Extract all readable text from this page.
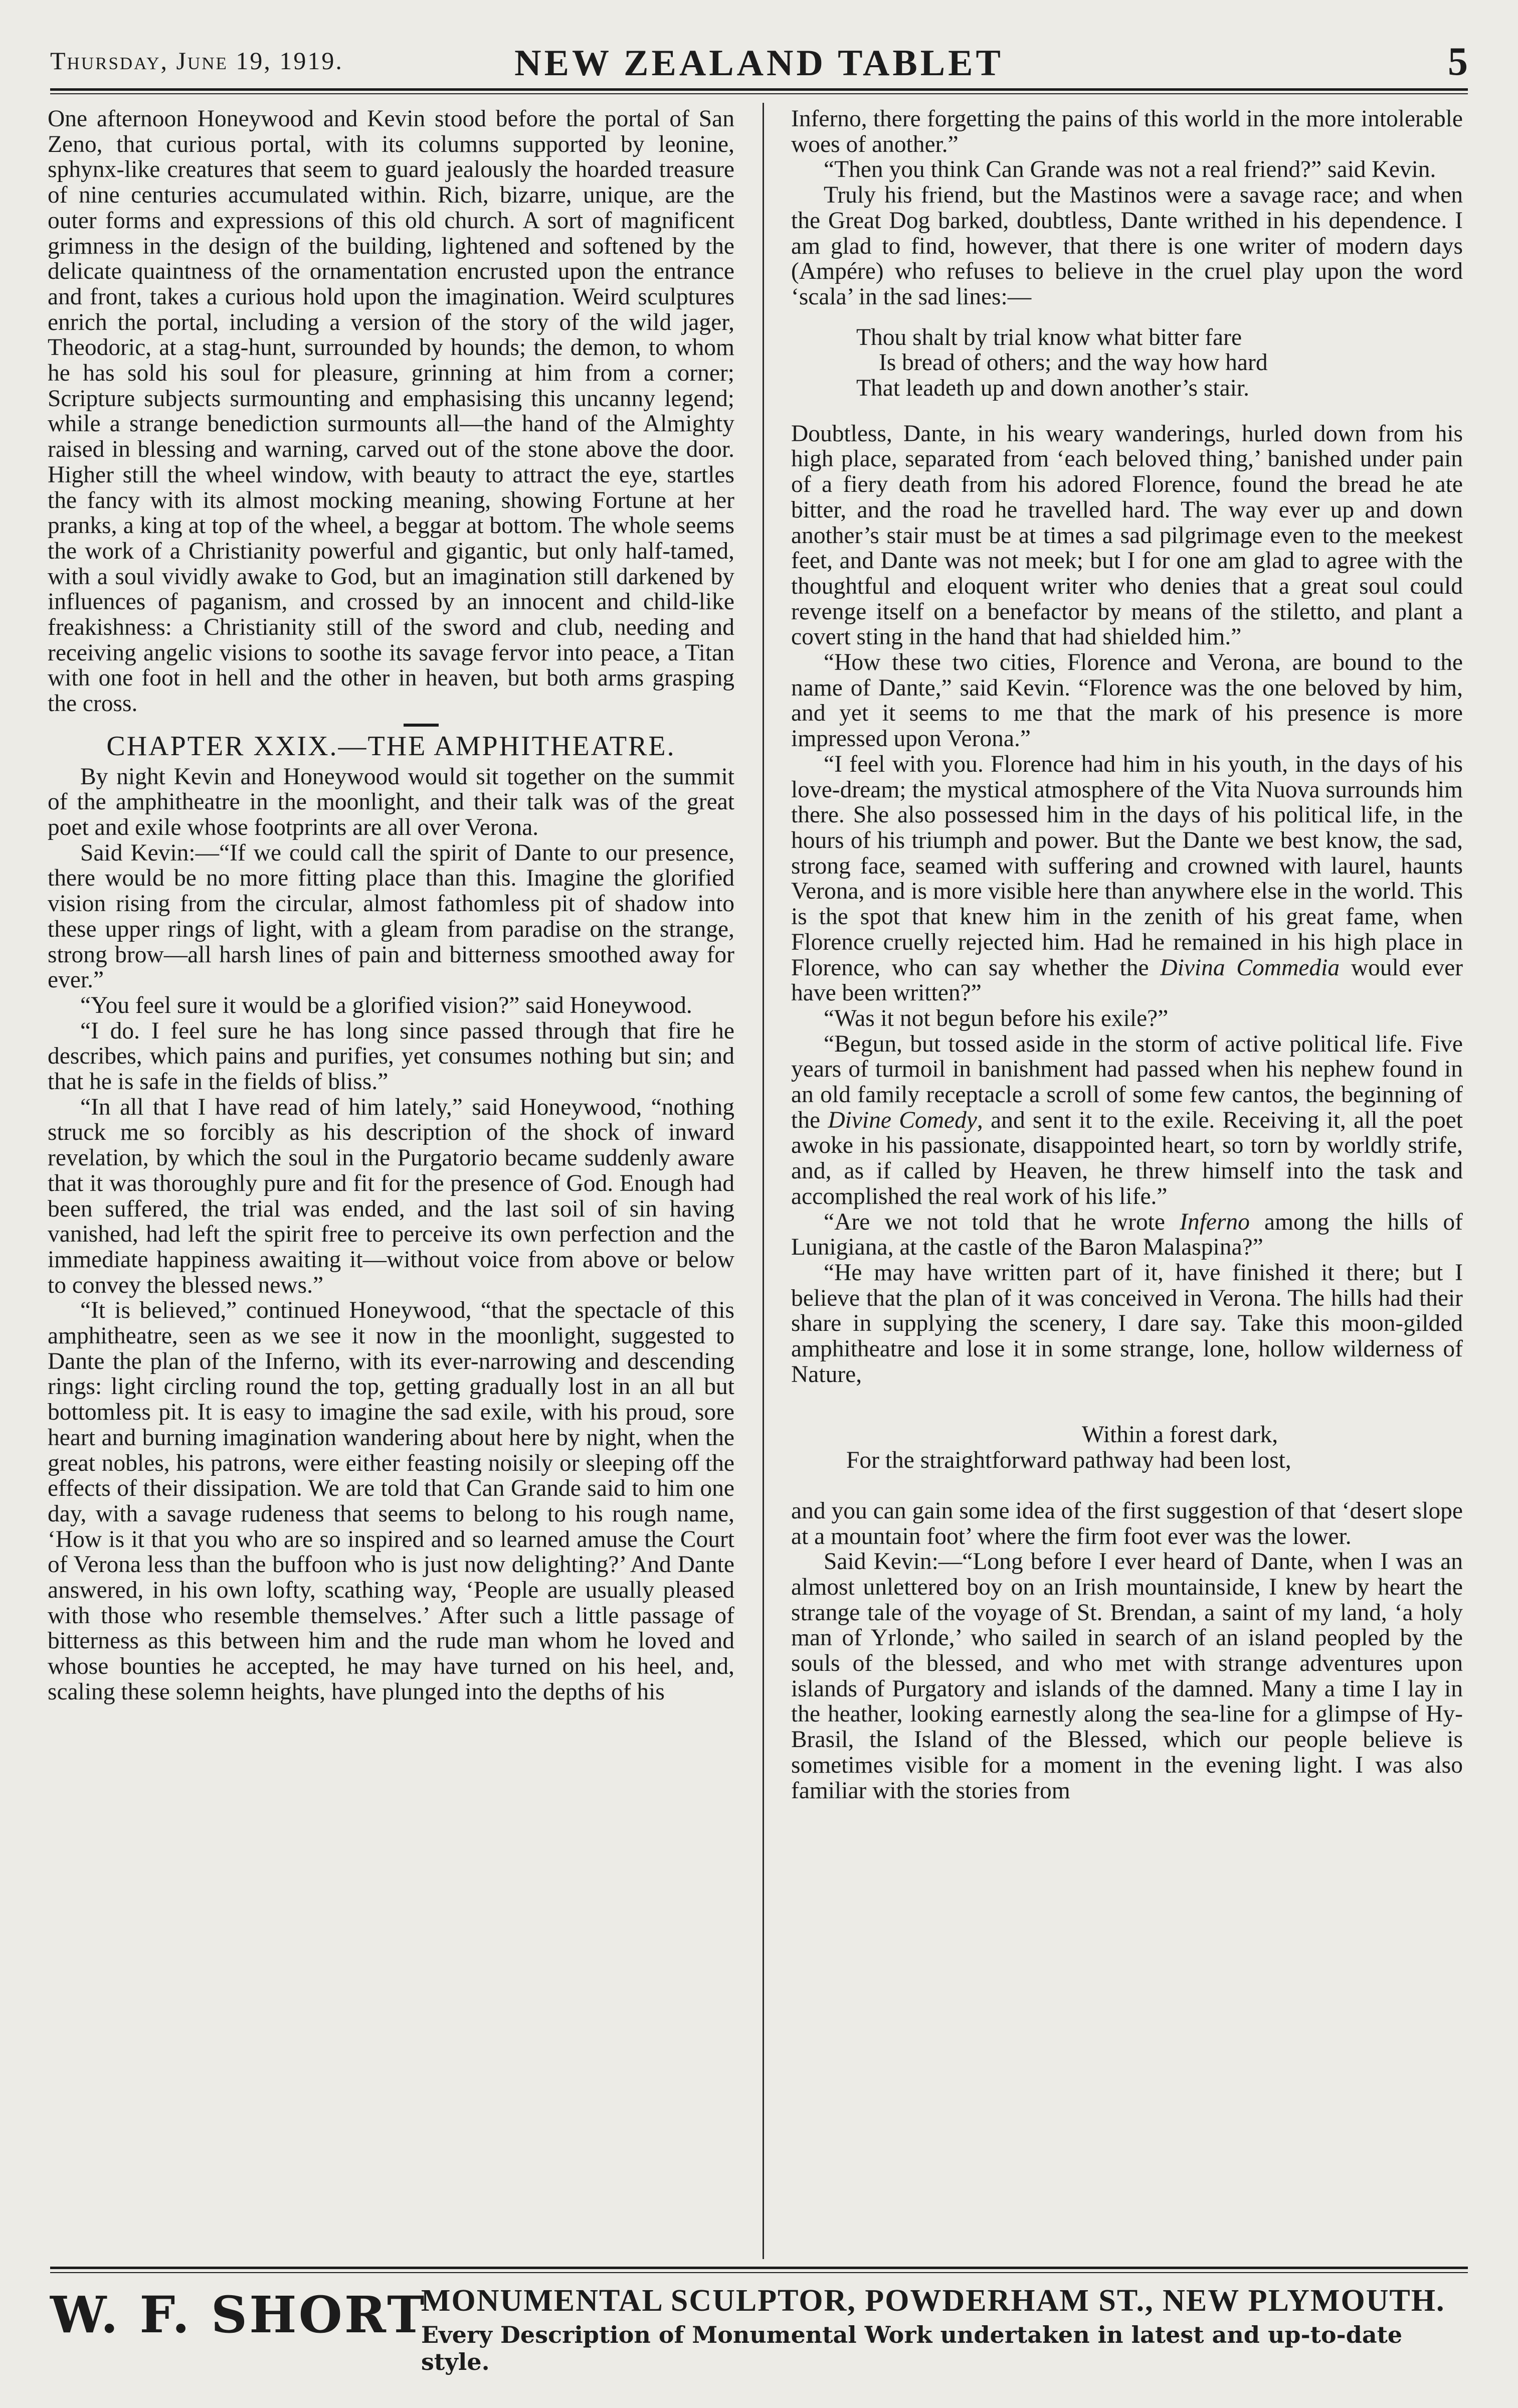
Thursday, June 19, 1919.	NEW ZEALAND TABLET	5

One afternoon Honeywood and Kevin stood before the portal of San Zeno, that curious portal, with its columns supported by leonine, sphynx-like creatures that seem to guard jealously the hoarded treasure of nine centuries accumulated within. Rich, bizarre, unique, are the outer forms and expressions of this old church. A sort of magnificent grimness in the design of the building, lightened and softened by the delicate quaintness of the ornamentation encrusted upon the entrance and front, takes a curious hold upon the imagination. Weird sculptures enrich the portal, including a version of the story of the wild jager, Theodoric, at a stag-hunt, surrounded by hounds; the demon, to whom he has sold his soul for pleasure, grinning at him from a corner; Scripture subjects surmounting and emphasising this uncanny legend; while a strange benediction surmounts all—the hand of the Almighty raised in blessing and warning, carved out of the stone above the door. Higher still the wheel window, with beauty to attract the eye, startles the fancy with its almost mocking meaning, showing Fortune at her pranks, a king at top of the wheel, a beggar at bottom. The whole seems the work of a Christianity powerful and gigantic, but only half-tamed, with a soul vividly awake to God, but an imagination still darkened by influences of paganism, and crossed by an innocent and child-like freakishness: a Christianity still of the sword and club, needing and receiving angelic visions to soothe its savage fervor into peace, a Titan with one foot in hell and the other in heaven, but both arms grasping the cross.

CHAPTER XXIX.—THE AMPHITHEATRE.

By night Kevin and Honeywood would sit together on the summit of the amphitheatre in the moonlight, and their talk was of the great poet and exile whose footprints are all over Verona.

Said Kevin:—“If we could call the spirit of Dante to our presence, there would be no more fitting place than this. Imagine the glorified vision rising from the circular, almost fathomless pit of shadow into these upper rings of light, with a gleam from paradise on the strange, strong brow—all harsh lines of pain and bitterness smoothed away for ever.”

“You feel sure it would be a glorified vision?” said Honeywood.

“I do. I feel sure he has long since passed through that fire he describes, which pains and purifies, yet consumes nothing but sin; and that he is safe in the fields of bliss.”

“In all that I have read of him lately,” said Honeywood, “nothing struck me so forcibly as his description of the shock of inward revelation, by which the soul in the Purgatorio became suddenly aware that it was thoroughly pure and fit for the presence of God. Enough had been suffered, the trial was ended, and the last soil of sin having vanished, had left the spirit free to perceive its own perfection and the immediate happiness awaiting it—without voice from above or below to convey the blessed news.”

“It is believed,” continued Honeywood, “that the spectacle of this amphitheatre, seen as we see it now in the moonlight, suggested to Dante the plan of the Inferno, with its ever-narrowing and descending rings: light circling round the top, getting gradually lost in an all but bottomless pit. It is easy to imagine the sad exile, with his proud, sore heart and burning imagination wandering about here by night, when the great nobles, his patrons, were either feasting noisily or sleeping off the effects of their dissipation. We are told that Can Grande said to him one day, with a savage rudeness that seems to belong to his rough name, ‘How is it that you who are so inspired and so learned amuse the Court of Verona less than the buffoon who is just now delighting?’ And Dante answered, in his own lofty, scathing way, ‘People are usually pleased with those who resemble themselves.’ After such a little passage of bitterness as this between him and the rude man whom he loved and whose bounties he accepted, he may have turned on his heel, and, scaling these solemn heights, have plunged into the depths of his

Inferno, there forgetting the pains of this world in the more intolerable woes of another.”

“Then you think Can Grande was not a real friend?” said Kevin.

Truly his friend, but the Mastinos were a savage race; and when the Great Dog barked, doubtless, Dante writhed in his dependence. I am glad to find, however, that there is one writer of modern days (Ampére) who refuses to believe in the cruel play upon the word ‘scala’ in the sad lines:—

Thou shalt by trial know what bitter fare
Is bread of others; and the way how hard
That leadeth up and down another’s stair.

Doubtless, Dante, in his weary wanderings, hurled down from his high place, separated from ‘each beloved thing,’ banished under pain of a fiery death from his adored Florence, found the bread he ate bitter, and the road he travelled hard. The way ever up and down another’s stair must be at times a sad pilgrimage even to the meekest feet, and Dante was not meek; but I for one am glad to agree with the thoughtful and eloquent writer who denies that a great soul could revenge itself on a benefactor by means of the stiletto, and plant a covert sting in the hand that had shielded him.”

“How these two cities, Florence and Verona, are bound to the name of Dante,” said Kevin. “Florence was the one beloved by him, and yet it seems to me that the mark of his presence is more impressed upon Verona.”

“I feel with you. Florence had him in his youth, in the days of his love-dream; the mystical atmosphere of the Vita Nuova surrounds him there. She also possessed him in the days of his political life, in the hours of his triumph and power. But the Dante we best know, the sad, strong face, seamed with suffering and crowned with laurel, haunts Verona, and is more visible here than anywhere else in the world. This is the spot that knew him in the zenith of his great fame, when Florence cruelly rejected him. Had he remained in his high place in Florence, who can say whether the Divina Commedia would ever have been written?”

“Was it not begun before his exile?”

“Begun, but tossed aside in the storm of active political life. Five years of turmoil in banishment had passed when his nephew found in an old family receptacle a scroll of some few cantos, the beginning of the Divine Comedy, and sent it to the exile. Receiving it, all the poet awoke in his passionate, disappointed heart, so torn by worldly strife, and, as if called by Heaven, he threw himself into the task and accomplished the real work of his life.”

“Are we not told that he wrote Inferno among the hills of Lunigiana, at the castle of the Baron Malaspina?”

“He may have written part of it, have finished it there; but I believe that the plan of it was conceived in Verona. The hills had their share in supplying the scenery, I dare say. Take this moon-gilded amphitheatre and lose it in some strange, lone, hollow wilderness of Nature,

Within a forest dark,
For the straightforward pathway had been lost,

and you can gain some idea of the first suggestion of that ‘desert slope at a mountain foot’ where the firm foot ever was the lower.

Said Kevin:—“Long before I ever heard of Dante, when I was an almost unlettered boy on an Irish mountainside, I knew by heart the strange tale of the voyage of St. Brendan, a saint of my land, ‘a holy man of Yrlonde,’ who sailed in search of an island peopled by the souls of the blessed, and who met with strange adventures upon islands of Purgatory and islands of the damned. Many a time I lay in the heather, looking earnestly along the sea-line for a glimpse of Hy-Brasil, the Island of the Blessed, which our people believe is sometimes visible for a moment in the evening light. I was also familiar with the stories from

W. F. SHORT
MONUMENTAL SCULPTOR, POWDERHAM ST., NEW PLYMOUTH.
Every Description of Monumental Work undertaken in latest and up-to-date style.
